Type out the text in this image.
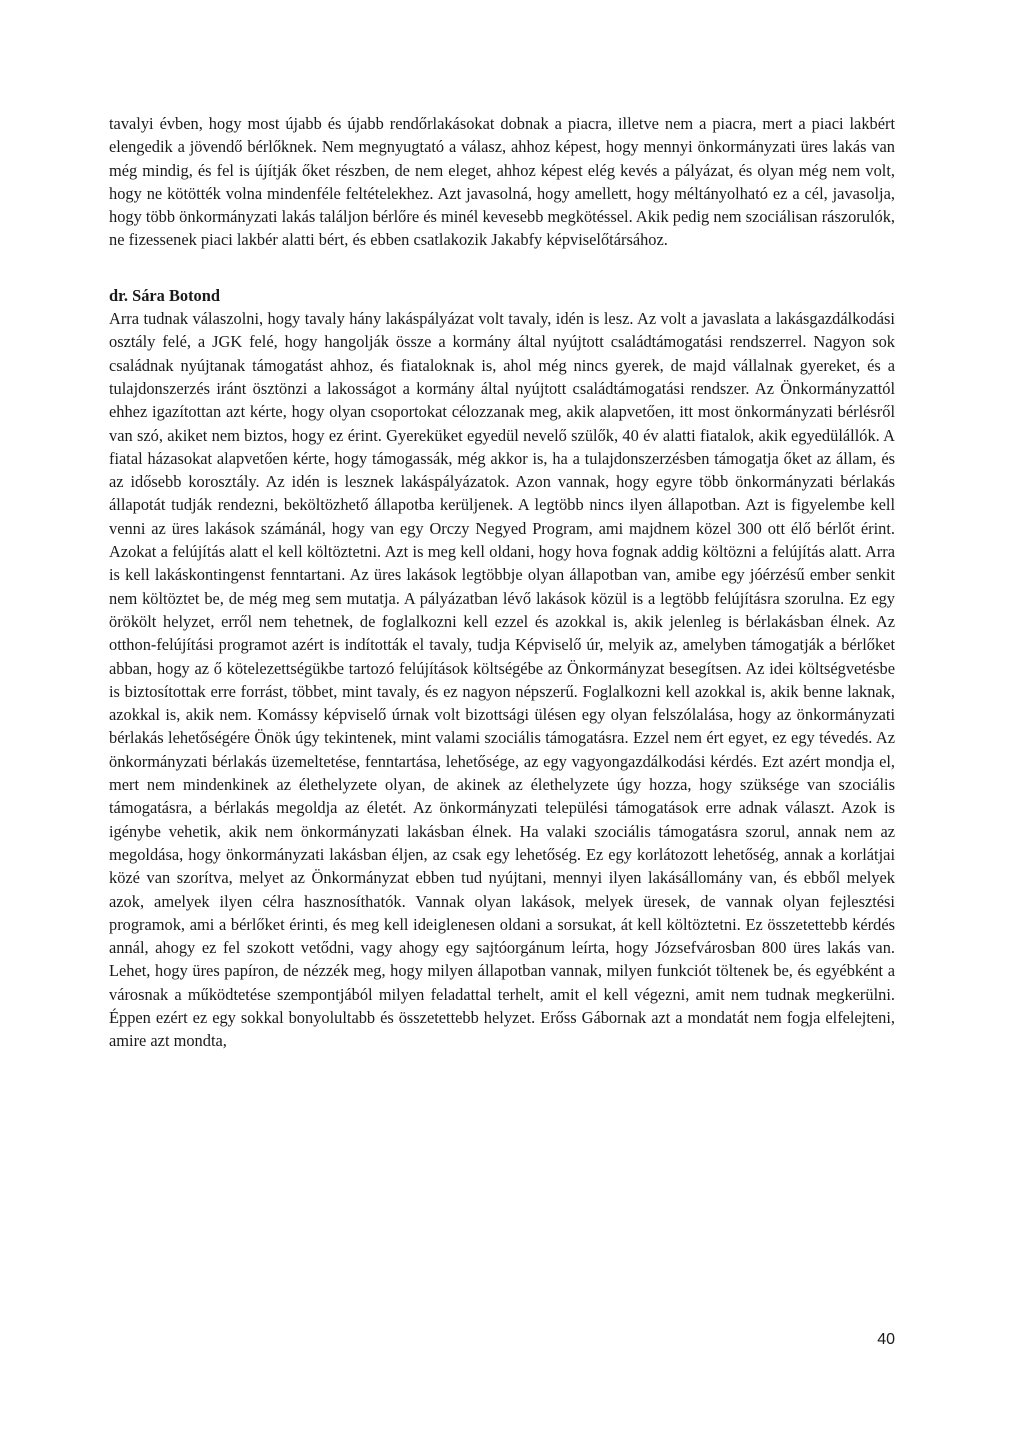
tavalyi évben, hogy most újabb és újabb rendőrlakásokat dobnak a piacra, illetve nem a piacra, mert a piaci lakbért elengedik a jövendő bérlőknek. Nem megnyugtató a válasz, ahhoz képest, hogy mennyi önkormányzati üres lakás van még mindig, és fel is újítják őket részben, de nem eleget, ahhoz képest elég kevés a pályázat, és olyan még nem volt, hogy ne kötötték volna mindenféle feltételekhez. Azt javasolná, hogy amellett, hogy méltányolható ez a cél, javasolja, hogy több önkormányzati lakás találjon bérlőre és minél kevesebb megkötéssel. Akik pedig nem szociálisan rászorulók, ne fizessenek piaci lakbér alatti bért, és ebben csatlakozik Jakabfy képviselőtársához.

dr. Sára Botond

Arra tudnak válaszolni, hogy tavaly hány lakáspályázat volt tavaly, idén is lesz. Az volt a javaslata a lakásgazdálkodási osztály felé, a JGK felé, hogy hangolják össze a kormány által nyújtott családtámogatási rendszerrel. Nagyon sok családnak nyújtanak támogatást ahhoz, és fiataloknak is, ahol még nincs gyerek, de majd vállalnak gyereket, és a tulajdonszerzés iránt ösztönzi a lakosságot a kormány által nyújtott családtámogatási rendszer. Az Önkormányzattól ehhez igazítottan azt kérte, hogy olyan csoportokat célozzanak meg, akik alapvetően, itt most önkormányzati bérlésről van szó, akiket nem biztos, hogy ez érint. Gyereküket egyedül nevelő szülők, 40 év alatti fiatalok, akik egyedülállók. A fiatal házasokat alapvetően kérte, hogy támogassák, még akkor is, ha a tulajdonszerzésben támogatja őket az állam, és az idősebb korosztály. Az idén is lesznek lakáspályázatok. Azon vannak, hogy egyre több önkormányzati bérlakás állapotát tudják rendezni, beköltözhető állapotba kerüljenek. A legtöbb nincs ilyen állapotban. Azt is figyelembe kell venni az üres lakások számánál, hogy van egy Orczy Negyed Program, ami majdnem közel 300 ott élő bérlőt érint. Azokat a felújítás alatt el kell költöztetni. Azt is meg kell oldani, hogy hova fognak addig költözni a felújítás alatt. Arra is kell lakáskontingenst fenntartani. Az üres lakások legtöbbje olyan állapotban van, amibe egy jóérzésű ember senkit nem költöztet be, de még meg sem mutatja. A pályázatban lévő lakások közül is a legtöbb felújításra szorulna. Ez egy örökölt helyzet, erről nem tehetnek, de foglalkozni kell ezzel és azokkal is, akik jelenleg is bérlakásban élnek. Az otthon-felújítási programot azért is indították el tavaly, tudja Képviselő úr, melyik az, amelyben támogatják a bérlőket abban, hogy az ő kötelezettségükbe tartozó felújítások költségébe az Önkormányzat besegítsen. Az idei költségvetésbe is biztosítottak erre forrást, többet, mint tavaly, és ez nagyon népszerű. Foglalkozni kell azokkal is, akik benne laknak, azokkal is, akik nem. Komássy képviselő úrnak volt bizottsági ülésen egy olyan felszólalása, hogy az önkormányzati bérlakás lehetőségére Önök úgy tekintenek, mint valami szociális támogatásra. Ezzel nem ért egyet, ez egy tévedés. Az önkormányzati bérlakás üzemeltetése, fenntartása, lehetősége, az egy vagyongazdálkodási kérdés. Ezt azért mondja el, mert nem mindenkinek az élethelyzete olyan, de akinek az élethelyzete úgy hozza, hogy szüksége van szociális támogatásra, a bérlakás megoldja az életét. Az önkormányzati települési támogatások erre adnak választ. Azok is igénybe vehetik, akik nem önkormányzati lakásban élnek. Ha valaki szociális támogatásra szorul, annak nem az megoldása, hogy önkormányzati lakásban éljen, az csak egy lehetőség. Ez egy korlátozott lehetőség, annak a korlátjai közé van szorítva, melyet az Önkormányzat ebben tud nyújtani, mennyi ilyen lakásállomány van, és ebből melyek azok, amelyek ilyen célra hasznosíthatók. Vannak olyan lakások, melyek üresek, de vannak olyan fejlesztési programok, ami a bérlőket érinti, és meg kell ideiglenesen oldani a sorsukat, át kell költöztetni. Ez összetettebb kérdés annál, ahogy ez fel szokott vetődni, vagy ahogy egy sajtóorgánum leírta, hogy Józsefvárosban 800 üres lakás van. Lehet, hogy üres papíron, de nézzék meg, hogy milyen állapotban vannak, milyen funkciót töltenek be, és egyébként a városnak a működtetése szempontjából milyen feladattal terhelt, amit el kell végezni, amit nem tudnak megkerülni. Éppen ezért ez egy sokkal bonyolultabb és összetettebb helyzet. Erőss Gábornak azt a mondatát nem fogja elfelejteni, amire azt mondta,

40
